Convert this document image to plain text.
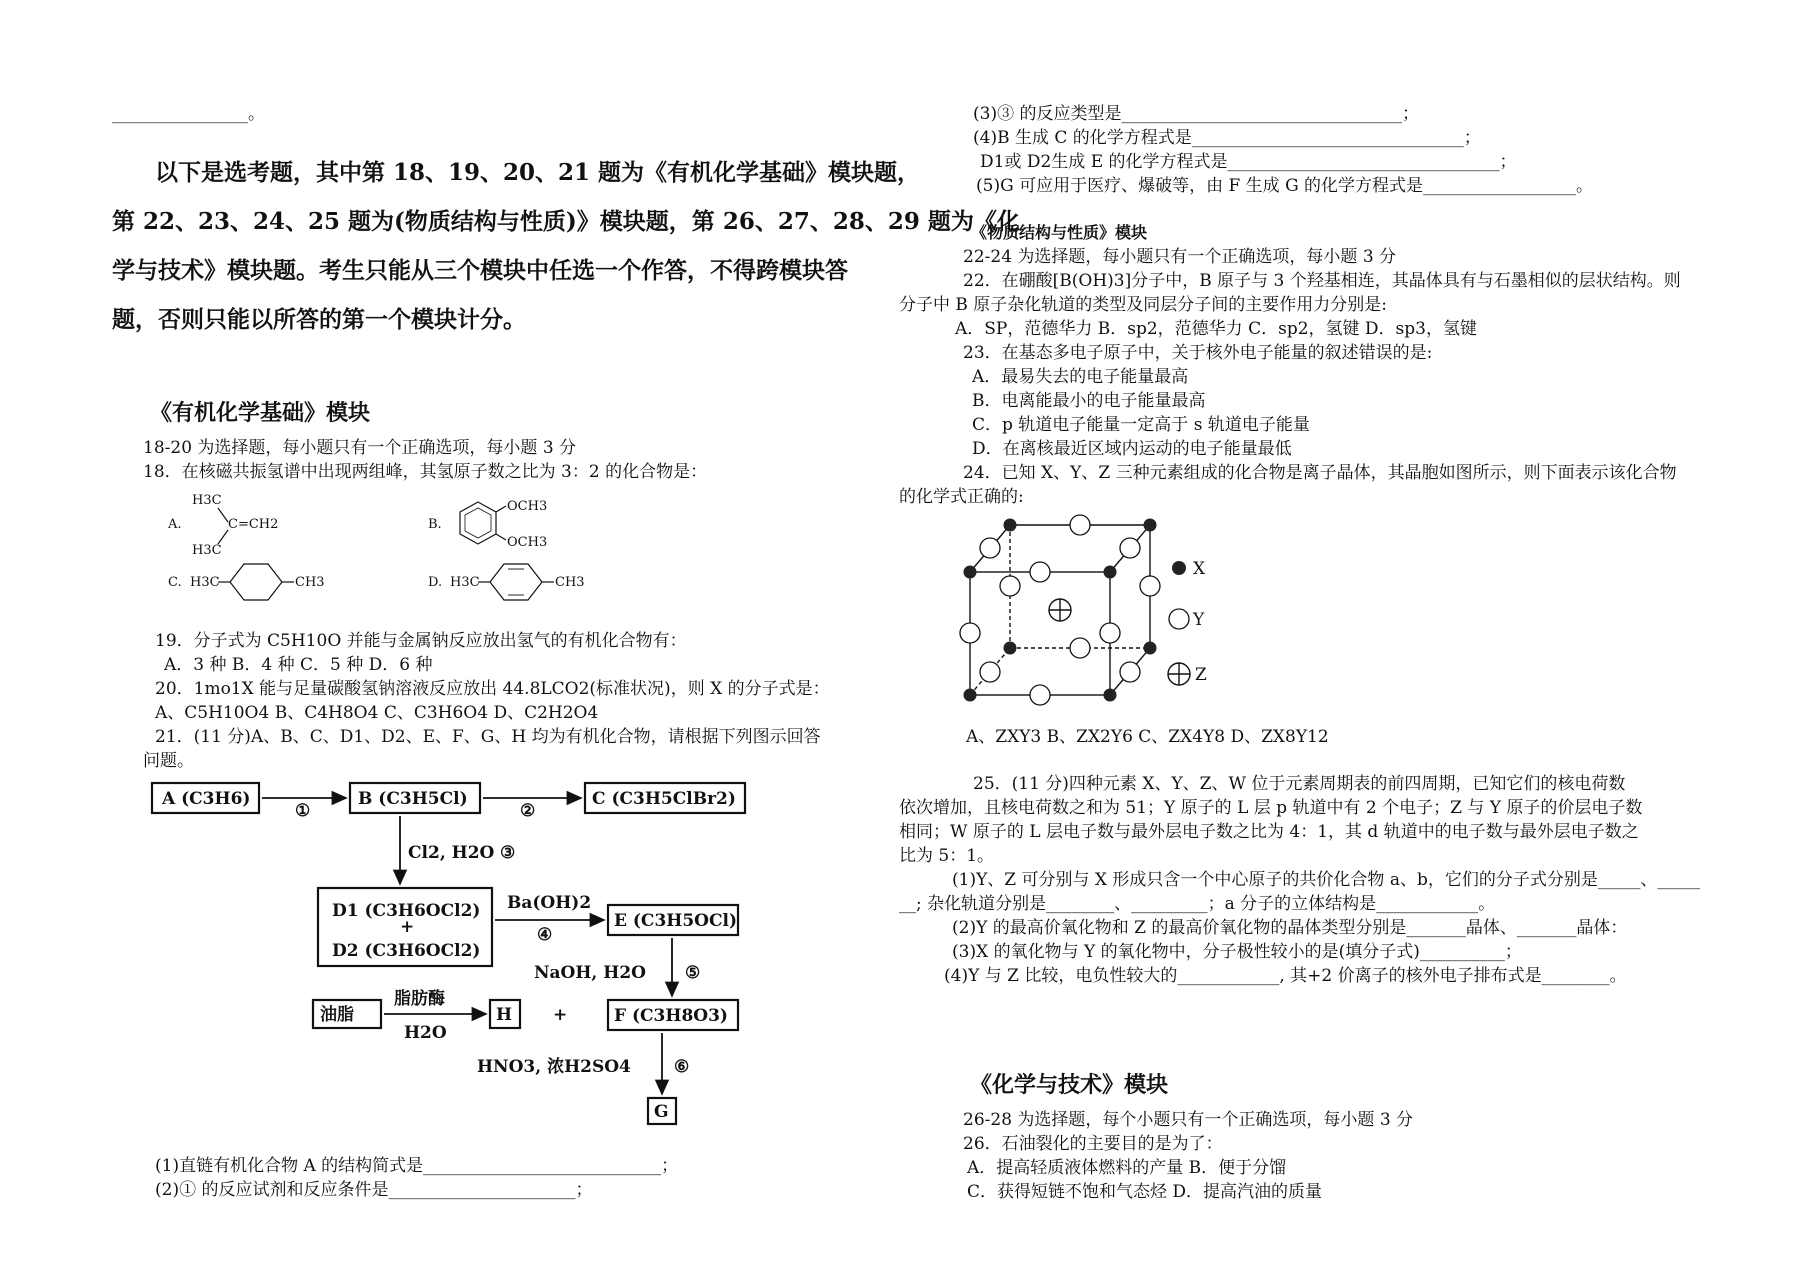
________________。
以下是选考题，其中第 18、19、20、21 题为《有机化学基础》模块题，
第 22、23、24、25 题为(物质结构与性质)》模块题，第 26、27、28、29 题为《化
学与技术》模块题。考生只能从三个模块中任选一个作答，不得跨模块答
题，否则只能以所答的第一个模块计分。
《有机化学基础》模块
18-20 为选择题，每小题只有一个正确选项，每小题 3 分
18．在核磁共振氢谱中出现两组峰，其氢原子数之比为 3：2 的化合物是：
A.
H3C
C=CH2
H3C
B.
OCH3
OCH3
C. H3C	CH3	D. H3C	CH3
19．分子式为 C5H10O 并能与金属钠反应放出氢气的有机化合物有：
A．3 种 B．4 种 C．5 种 D．6 种
20．1mo1X 能与足量碳酸氢钠溶液反应放出 44.8LCO2(标准状况)，则 X 的分子式是：
A、C5H10O4 B、C4H8O4 C、C3H6O4 D、C2H2O4
21．(11 分)A、B、C、D1、D2、E、F、G、H 均为有机化合物，请根据下列图示回答
问题。
A (C3H6)	B (C3H5Cl)	C (C3H5ClBr2)
D1 (C3H6OCl2)
+
D2 (C3H6OCl2)
E (C3H5OCl)
F (C3H8O3)
G
H
油脂
脂肪酶
H2O
①	②
Cl2, H2O ③
Ba(OH)2
④
NaOH, H2O ⑤
+
HNO3, 浓H2SO4	⑥
(1)直链有机化合物 A 的结构简式是____________________________；
(2)① 的反应试剂和反应条件是______________________；
(3)③ 的反应类型是_________________________________；
(4)B 生成 C 的化学方程式是________________________________；
D1或 D2生成 E 的化学方程式是________________________________；
(5)G 可应用于医疗、爆破等，由 F 生成 G 的化学方程式是__________________。
《物质结构与性质》模块
22-24 为选择题，每小题只有一个正确选项，每小题 3 分
22．在硼酸[B(OH)3]分子中，B 原子与 3 个羟基相连，其晶体具有与石墨相似的层状结构。则
分子中 B 原子杂化轨道的类型及同层分子间的主要作用力分别是:
A．SP，范德华力 B．sp2，范德华力 C．sp2，氢键 D．sp3，氢键
23．在基态多电子原子中，关于核外电子能量的叙述错误的是:
A．最易失去的电子能量最高
B．电离能最小的电子能量最高
C．p 轨道电子能量一定高于 s 轨道电子能量
D．在离核最近区域内运动的电子能量最低
24．已知 X、Y、Z 三种元素组成的化合物是离子晶体，其晶胞如图所示，则下面表示该化合物
的化学式正确的:
X
Y
Z
A、ZXY3 B、ZX2Y6 C、ZX4Y8 D、ZX8Y12
25．(11 分)四种元素 X、Y、Z、W 位于元素周期表的前四周期，已知它们的核电荷数
依次增加，且核电荷数之和为 51；Y 原子的 L 层 p 轨道中有 2 个电子；Z 与 Y 原子的价层电子数
相同；W 原子的 L 层电子数与最外层电子数之比为 4：1，其 d 轨道中的电子数与最外层电子数之
比为 5：1。
(1)Y、Z 可分别与 X 形成只含一个中心原子的共价化合物 a、b，它们的分子式分别是_____、_____
__; 杂化轨道分别是________、_________；a 分子的立体结构是____________。
(2)Y 的最高价氧化物和 Z 的最高价氧化物的晶体类型分别是_______晶体、_______晶体：
(3)X 的氧化物与 Y 的氧化物中，分子极性较小的是(填分子式)__________；
(4)Y 与 Z 比较，电负性较大的____________, 其+2 价离子的核外电子排布式是________。
《化学与技术》模块
26-28 为选择题，每个小题只有一个正确选项，每小题 3 分
26．石油裂化的主要目的是为了：
A．提高轻质液体燃料的产量 B．便于分馏
C．获得短链不饱和气态烃 D．提高汽油的质量
